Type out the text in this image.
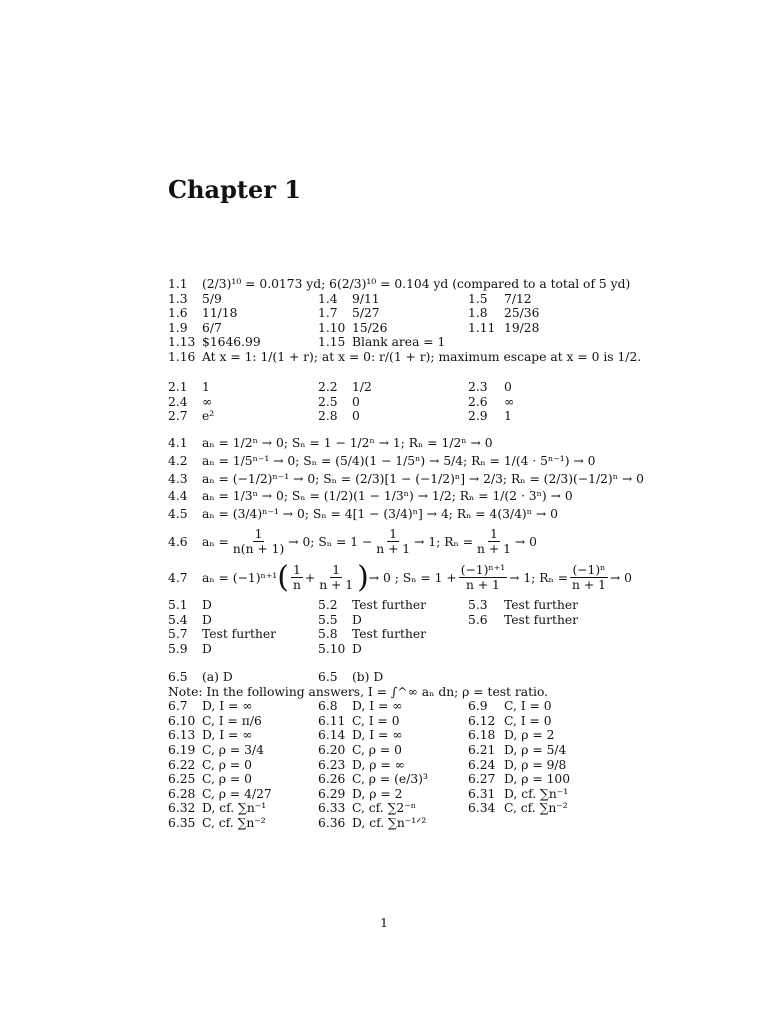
Chapter 1
1.1 (2/3)¹⁰ = 0.0173 yd; 6(2/3)¹⁰ = 0.104 yd (compared to a total of 5 yd)
1.3 5/9	1.4 9/11	1.5 7/12
1.6 11/18	1.7 5/27	1.8 25/36
1.9 6/7	1.10 15/26	1.11 19/28
1.13 $1646.99	1.15 Blank area = 1
1.16 At x = 1: 1/(1 + r); at x = 0: r/(1 + r); maximum escape at x = 0 is 1/2.
2.1 1	2.2 1/2	2.3 0
2.4 ∞	2.5 0	2.6 ∞
2.7 e²	2.8 0	2.9 1
4.1 aₙ = 1/2ⁿ → 0; Sₙ = 1 − 1/2ⁿ → 1; Rₙ = 1/2ⁿ → 0
4.2 aₙ = 1/5ⁿ⁻¹ → 0; Sₙ = (5/4)(1 − 1/5ⁿ) → 5/4; Rₙ = 1/(4 · 5ⁿ⁻¹) → 0
4.3 aₙ = (−1/2)ⁿ⁻¹ → 0; Sₙ = (2/3)[1 − (−1/2)ⁿ] → 2/3; Rₙ = (2/3)(−1/2)ⁿ → 0
4.4 aₙ = 1/3ⁿ → 0; Sₙ = (1/2)(1 − 1/3ⁿ) → 1/2; Rₙ = 1/(2 · 3ⁿ) → 0
4.5 aₙ = (3/4)ⁿ⁻¹ → 0; Sₙ = 4[1 − (3/4)ⁿ] → 4; Rₙ = 4(3/4)ⁿ → 0
4.6	$a_n = \frac{1}{n(n + 1)} \to 0$; $S_n = 1 - \frac{1}{n + 1} \to 1$; $R_n = \frac{1}{n + 1} \to 0$
4.7	aₙ = (−1)ⁿ⁺¹ ( $\frac{1}{n} + \frac{1}{n + 1}$ ) → 0 ; $S_n = 1 + \frac{\text{(−1)ⁿ⁺¹}}{n + 1} \to 1$; $R_n = \frac{\text{(−1)ⁿ}}{n + 1} \to 0$
5.1 D	5.2 Test further	5.3 Test further
5.4 D	5.5 D	5.6 Test further
5.7 Test further	5.8 Test further
5.9 D	5.10 D
6.5 (a) D	6.5 (b) D
Note: In the following answers, I = ∫^∞ aₙ dn; ρ = test ratio.
6.7 D, I = ∞	6.8 D, I = ∞	6.9 C, I = 0
6.10 C, I = π/6	6.11 C, I = 0	6.12 C, I = 0
6.13 D, I = ∞	6.14 D, I = ∞	6.18 D, ρ = 2
6.19 C, ρ = 3/4	6.20 C, ρ = 0	6.21 D, ρ = 5/4
6.22 C, ρ = 0	6.23 D, ρ = ∞	6.24 D, ρ = 9/8
6.25 C, ρ = 0	6.26 C, ρ = (e/3)³	6.27 D, ρ = 100
6.28 C, ρ = 4/27	6.29 D, ρ = 2	6.31 D, cf. ∑n⁻¹
6.32 D, cf. ∑n⁻¹	6.33 C, cf. ∑2⁻ⁿ	6.34 C, cf. ∑n⁻²
6.35 C, cf. ∑n⁻²	6.36 D, cf. ∑n⁻¹ᐟ²
1
